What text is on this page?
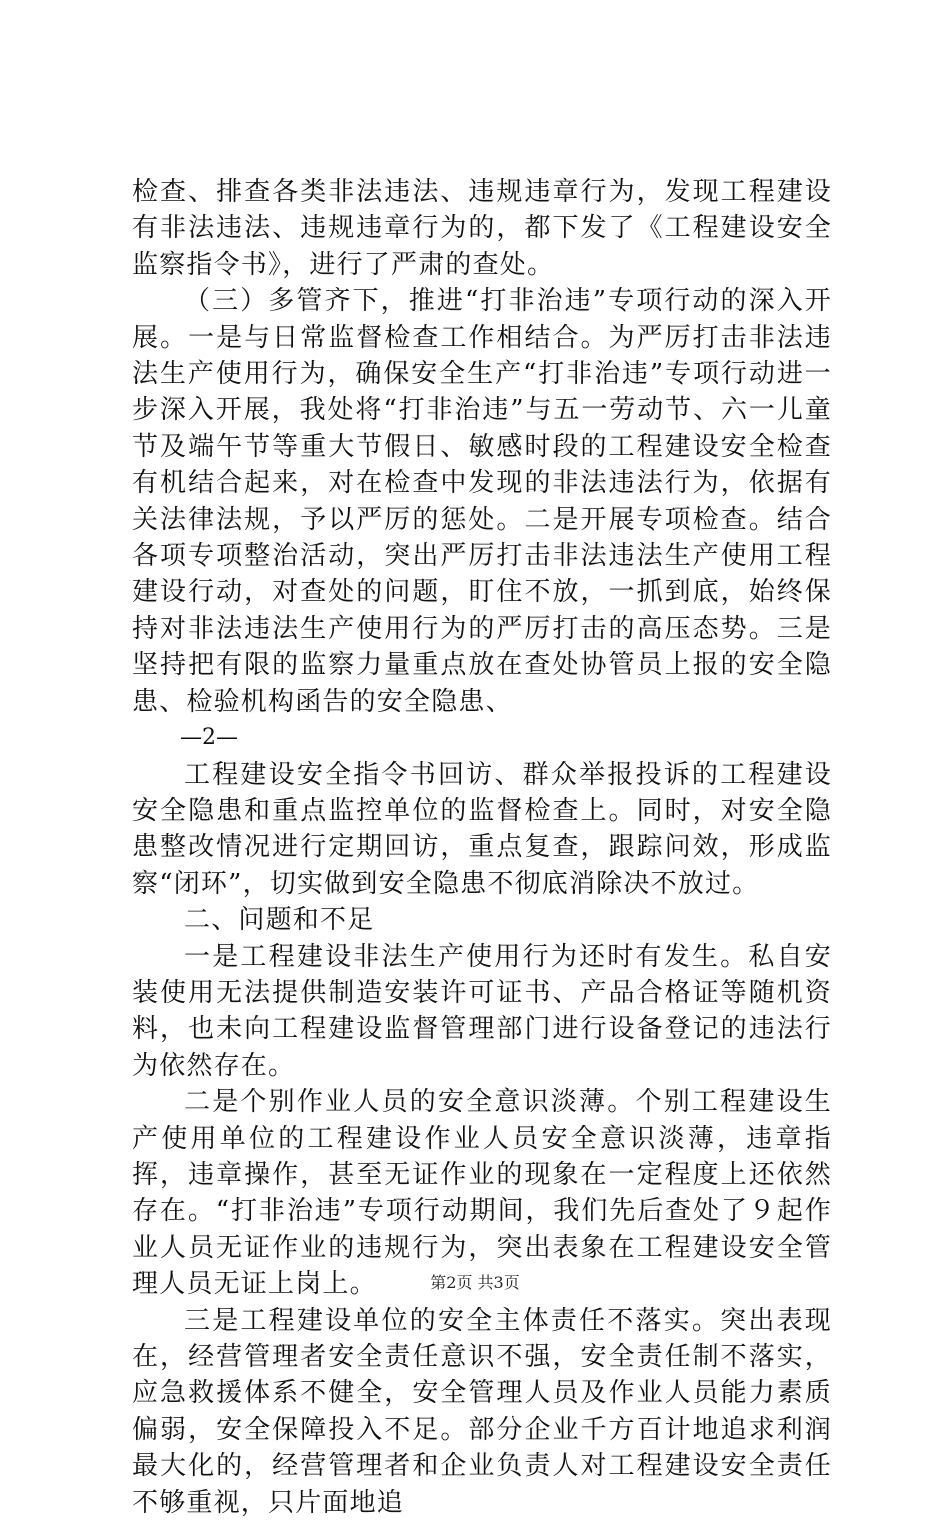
检查、排查各类非法违法、违规违章行为，发现工程建设有非法违法、违规违章行为的，都下发了《工程建设安全监察指令书》，进行了严肃的查处。

（三）多管齐下，推进“打非治违”专项行动的深入开展。一是与日常监督检查工作相结合。为严厉打击非法违法生产使用行为，确保安全生产“打非治违”专项行动进一步深入开展，我处将“打非治违”与五一劳动节、六一儿童节及端午节等重大节假日、敏感时段的工程建设安全检查有机结合起来，对在检查中发现的非法违法行为，依据有关法律法规，予以严厉的惩处。二是开展专项检查。结合各项专项整治活动，突出严厉打击非法违法生产使用工程建设行动，对查处的问题，盯住不放，一抓到底，始终保持对非法违法生产使用行为的严厉打击的高压态势。三是坚持把有限的监察力量重点放在查处协管员上报的安全隐患、检验机构函告的安全隐患、

—2—

工程建设安全指令书回访、群众举报投诉的工程建设安全隐患和重点监控单位的监督检查上。同时，对安全隐患整改情况进行定期回访，重点复查，跟踪问效，形成监察“闭环”，切实做到安全隐患不彻底消除决不放过。

二、问题和不足

一是工程建设非法生产使用行为还时有发生。私自安装使用无法提供制造安装许可证书、产品合格证等随机资料，也未向工程建设监督管理部门进行设备登记的违法行为依然存在。

二是个别作业人员的安全意识淡薄。个别工程建设生产使用单位的工程建设作业人员安全意识淡薄，违章指挥，违章操作，甚至无证作业的现象在一定程度上还依然存在。“打非治违”专项行动期间，我们先后查处了９起作业人员无证作业的违规行为，突出表象在工程建设安全管理人员无证上岗上。

三是工程建设单位的安全主体责任不落实。突出表现在，经营管理者安全责任意识不强，安全责任制不落实，应急救援体系不健全，安全管理人员及作业人员能力素质偏弱，安全保障投入不足。部分企业千方百计地追求利润最大化的，经营管理者和企业负责人对工程建设安全责任不够重视，只片面地追

第2页 共3页
